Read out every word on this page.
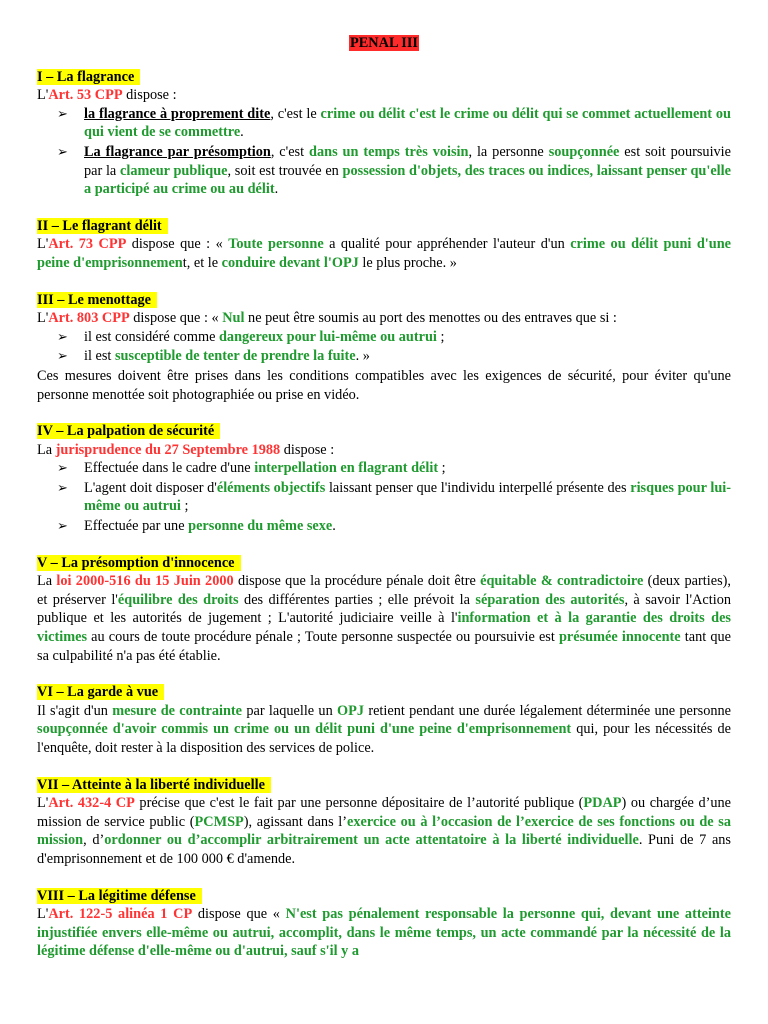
PENAL III
I – La flagrance

L'Art. 53 CPP dispose :

➢ la flagrance à proprement dite, c'est le crime ou délit c'est le crime ou délit qui se commet actuellement ou qui vient de se commettre.
➢ La flagrance par présomption, c'est dans un temps très voisin, la personne soupçonnée est soit poursuivie par la clameur publique, soit est trouvée en possession d'objets, des traces ou indices, laissant penser qu'elle a participé au crime ou au délit.
II – Le flagrant délit

L'Art. 73 CPP dispose que : « Toute personne a qualité pour appréhender l'auteur d'un crime ou délit puni d'une peine d'emprisonnement, et le conduire devant l'OPJ le plus proche. »

III – Le menottage

L'Art. 803 CPP dispose que : « Nul ne peut être soumis au port des menottes ou des entraves que si :

➢ il est considéré comme dangereux pour lui-même ou autrui ;
➢ il est susceptible de tenter de prendre la fuite. »

Ces mesures doivent être prises dans les conditions compatibles avec les exigences de sécurité, pour éviter qu'une personne menottée soit photographiée ou prise en vidéo.

IV – La palpation de sécurité

La jurisprudence du 27 Septembre 1988 dispose :

➢ Effectuée dans le cadre d'une interpellation en flagrant délit ;
➢ L'agent doit disposer d'éléments objectifs laissant penser que l'individu interpellé présente des risques pour lui-même ou autrui ;
➢ Effectuée par une personne du même sexe.
V – La présomption d'innocence

La loi 2000-516 du 15 Juin 2000 dispose que la procédure pénale doit être équitable & contradictoire (deux parties), et préserver l'équilibre des droits des différentes parties ; elle prévoit la séparation des autorités, à savoir l'Action publique et les autorités de jugement ; L'autorité judiciaire veille à l'information et à la garantie des droits des victimes au cours de toute procédure pénale ; Toute personne suspectée ou poursuivie est présumée innocente tant que sa culpabilité n'a pas été établie.

VI – La garde à vue

Il s'agit d'un mesure de contrainte par laquelle un OPJ retient pendant une durée légalement déterminée une personne soupçonnée d'avoir commis un crime ou un délit puni d'une peine d'emprisonnement qui, pour les nécessités de l'enquête, doit rester à la disposition des services de police.

VII – Atteinte à la liberté individuelle

L'Art. 432-4 CP précise que c'est le fait par une personne dépositaire de l’autorité publique (PDAP) ou chargée d’une mission de service public (PCMSP), agissant dans l’exercice ou à l’occasion de l’exercice de ses fonctions ou de sa mission, d’ordonner ou d’accomplir arbitrairement un acte attentatoire à la liberté individuelle. Puni de 7 ans d'emprisonnement et de 100 000 € d'amende.

VIII – La légitime défense

L'Art. 122-5 alinéa 1 CP dispose que « N'est pas pénalement responsable la personne qui, devant une atteinte injustifiée envers elle-même ou autrui, accomplit, dans le même temps, un acte commandé par la nécessité de la légitime défense d'elle-même ou d'autrui, sauf s'il y a
